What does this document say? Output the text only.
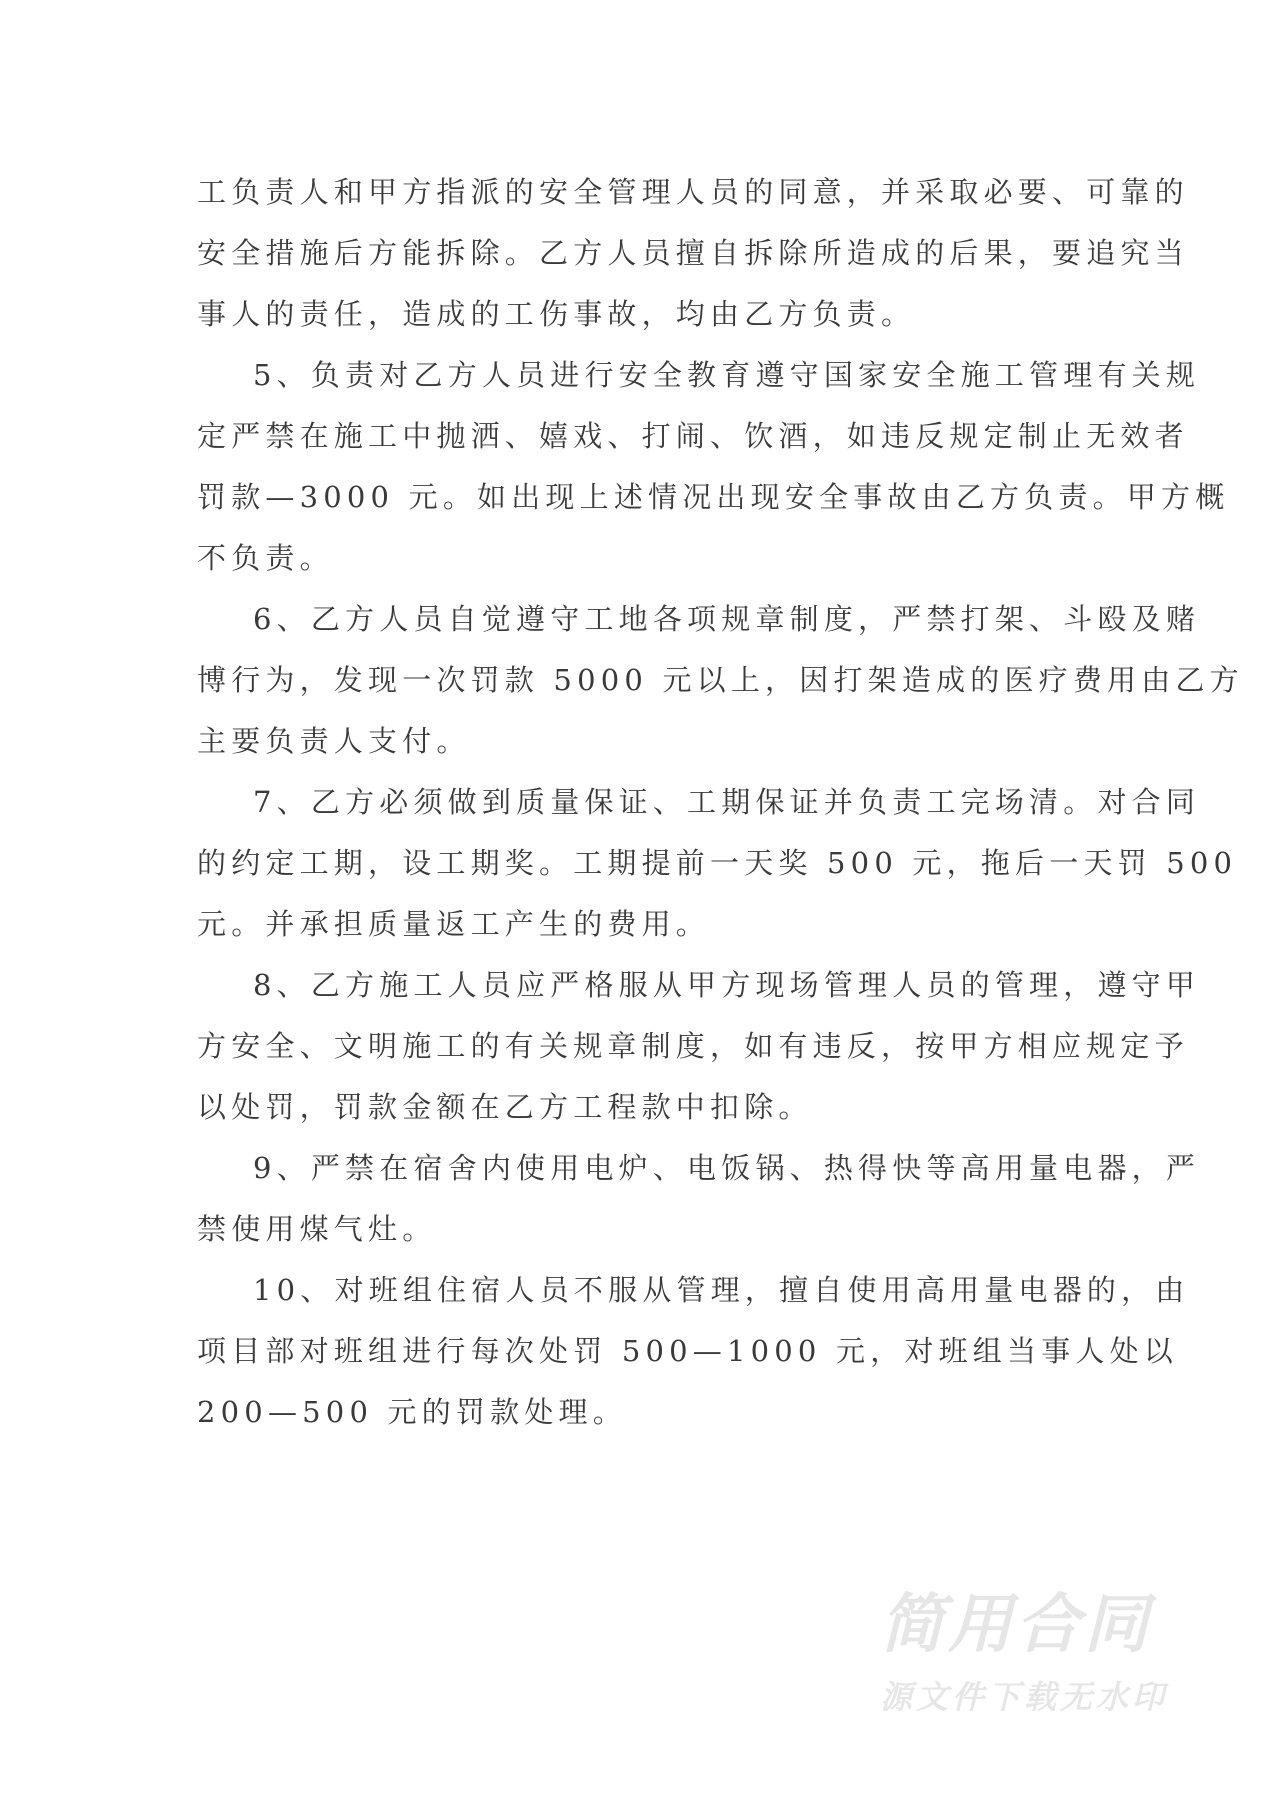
工负责人和甲方指派的安全管理人员的同意，并采取必要、可靠的
安全措施后方能拆除。乙方人员擅自拆除所造成的后果，要追究当
事人的责任，造成的工伤事故，均由乙方负责。
5、负责对乙方人员进行安全教育遵守国家安全施工管理有关规
定严禁在施工中抛洒、嬉戏、打闹、饮酒，如违反规定制止无效者
罚款—3000 元。如出现上述情况出现安全事故由乙方负责。甲方概
不负责。
6、乙方人员自觉遵守工地各项规章制度，严禁打架、斗殴及赌
博行为，发现一次罚款 5000 元以上，因打架造成的医疗费用由乙方
主要负责人支付。
7、乙方必须做到质量保证、工期保证并负责工完场清。对合同
的约定工期，设工期奖。工期提前一天奖 500 元，拖后一天罚 500
元。并承担质量返工产生的费用。
8、乙方施工人员应严格服从甲方现场管理人员的管理，遵守甲
方安全、文明施工的有关规章制度，如有违反，按甲方相应规定予
以处罚，罚款金额在乙方工程款中扣除。
9、严禁在宿舍内使用电炉、电饭锅、热得快等高用量电器，严
禁使用煤气灶。
10、对班组住宿人员不服从管理，擅自使用高用量电器的，由
项目部对班组进行每次处罚 500—1000 元，对班组当事人处以
200—500 元的罚款处理。
简用合同
源文件下载无水印
